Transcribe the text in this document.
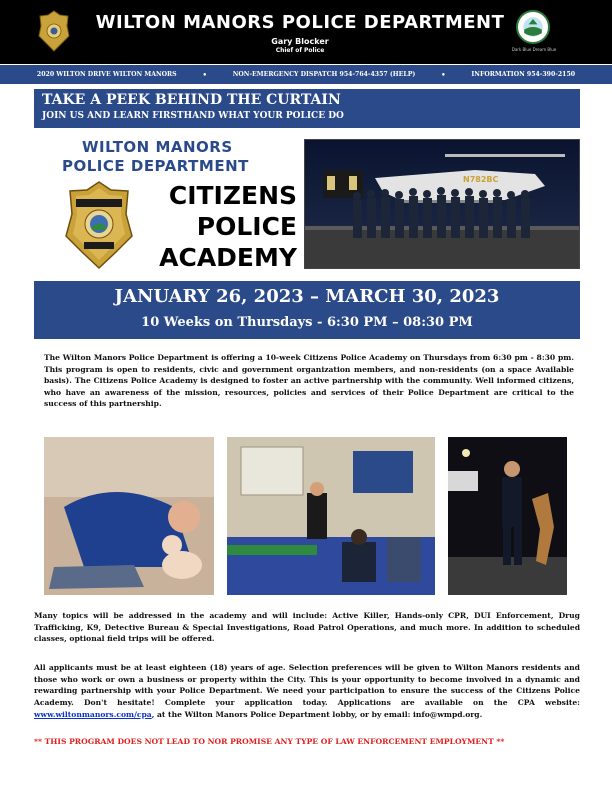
WILTON MANORS POLICE DEPARTMENT
Gary Blocker
Chief of Police	Dark Blue Dream Blue
2020 WILTON DRIVE WILTON MANORS	•	NON-EMERGENCY DISPATCH 954-764-4357 (HELP)	•	INFORMATION 954-390-2150
TAKE A PEEK BEHIND THE CURTAIN
JOIN US AND LEARN FIRSTHAND WHAT YOUR POLICE DO
WILTON MANORS
POLICE DEPARTMENT
CITIZENS
POLICE
ACADEMY
N782BC
JANUARY 26, 2023 – MARCH 30, 2023
10 Weeks on Thursdays - 6:30 PM – 08:30 PM
The Wilton Manors Police Department is offering a 10-week Citizens Police Academy on Thursdays from 6:30 pm - 8:30 pm. This program is open to residents, civic and government organization members, and non-residents (on a space Available basis). The Citizens Police Academy is designed to foster an active partnership with the community. Well informed citizens, who have an awareness of the mission, resources, policies and services of their Police Department are critical to the success of this partnership.
Many topics will be addressed in the academy and will include: Active Killer, Hands-only CPR, DUI Enforcement, Drug Trafficking, K9, Detective Bureau & Special Investigations, Road Patrol Operations, and much more. In addition to scheduled classes, optional field trips will be offered.
All applicants must be at least eighteen (18) years of age. Selection preferences will be given to Wilton Manors residents and those who work or own a business or property within the City. This is your opportunity to become involved in a dynamic and rewarding partnership with your Police Department. We need your participation to ensure the success of the Citizens Police Academy. Don't hesitate! Complete your application today. Applications are available on the CPA website: www.wiltonmanors.com/cpa, at the Wilton Manors Police Department lobby, or by email: info@wmpd.org.
** THIS PROGRAM DOES NOT LEAD TO NOR PROMISE ANY TYPE OF LAW ENFORCEMENT EMPLOYMENT **
